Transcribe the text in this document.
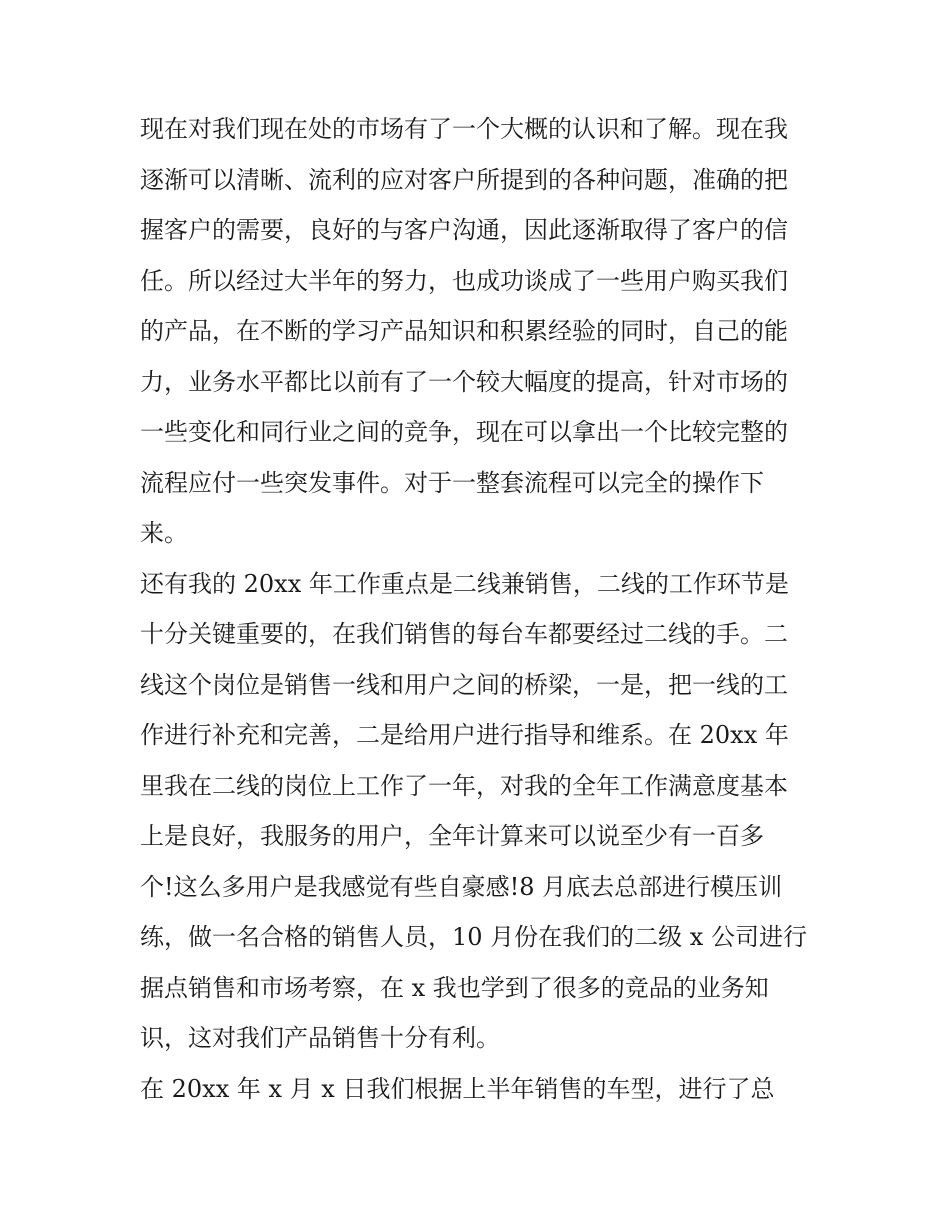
现在对我们现在处的市场有了一个大概的认识和了解。现在我
逐渐可以清晰、流利的应对客户所提到的各种问题，准确的把
握客户的需要，良好的与客户沟通，因此逐渐取得了客户的信
任。所以经过大半年的努力，也成功谈成了一些用户购买我们
的产品，在不断的学习产品知识和积累经验的同时，自己的能
力，业务水平都比以前有了一个较大幅度的提高，针对市场的
一些变化和同行业之间的竞争，现在可以拿出一个比较完整的
流程应付一些突发事件。对于一整套流程可以完全的操作下
来。
还有我的 20xx 年工作重点是二线兼销售，二线的工作环节是
十分关键重要的，在我们销售的每台车都要经过二线的手。二
线这个岗位是销售一线和用户之间的桥梁，一是，把一线的工
作进行补充和完善，二是给用户进行指导和维系。在 20xx 年
里我在二线的岗位上工作了一年，对我的全年工作满意度基本
上是良好，我服务的用户，全年计算来可以说至少有一百多
个!这么多用户是我感觉有些自豪感!8 月底去总部进行模压训
练，做一名合格的销售人员，10 月份在我们的二级 x 公司进行
据点销售和市场考察，在 x 我也学到了很多的竞品的业务知
识，这对我们产品销售十分有利。
在 20xx 年 x 月 x 日我们根据上半年销售的车型，进行了总
